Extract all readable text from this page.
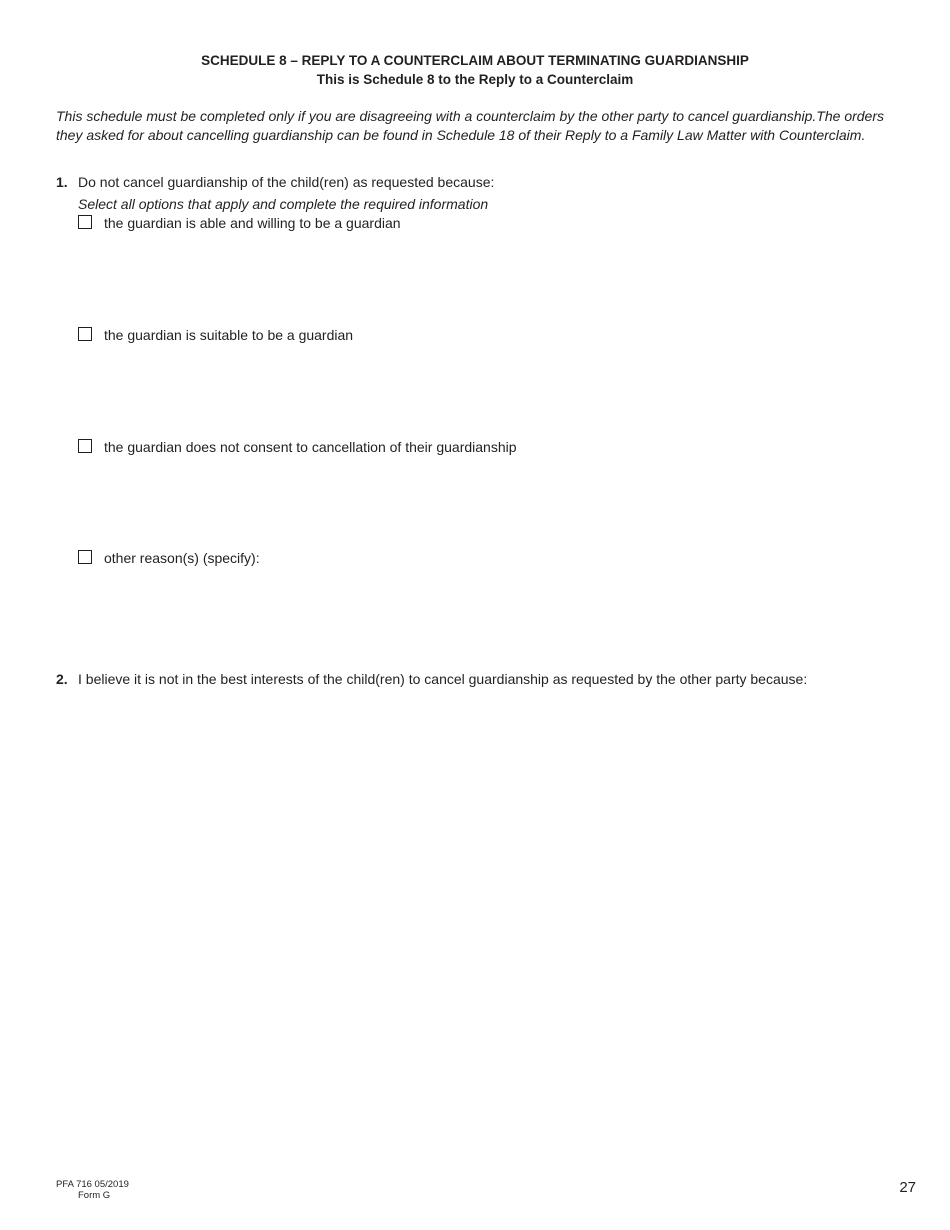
SCHEDULE 8 – REPLY TO A COUNTERCLAIM ABOUT TERMINATING GUARDIANSHIP
This is Schedule 8 to the Reply to a Counterclaim
This schedule must be completed only if you are disagreeing with a counterclaim by the other party to cancel guardianship.The orders they asked for about cancelling guardianship can be found in Schedule 18 of their Reply to a Family Law Matter with Counterclaim.
1. Do not cancel guardianship of the child(ren) as requested because:
Select all options that apply and complete the required information
the guardian is able and willing to be a guardian
the guardian is suitable to be a guardian
the guardian does not consent to cancellation of their guardianship
other reason(s) (specify):
2. I believe it is not in the best interests of the child(ren) to cancel guardianship as requested by the other party because:
PFA 716 05/2019
Form G	27
